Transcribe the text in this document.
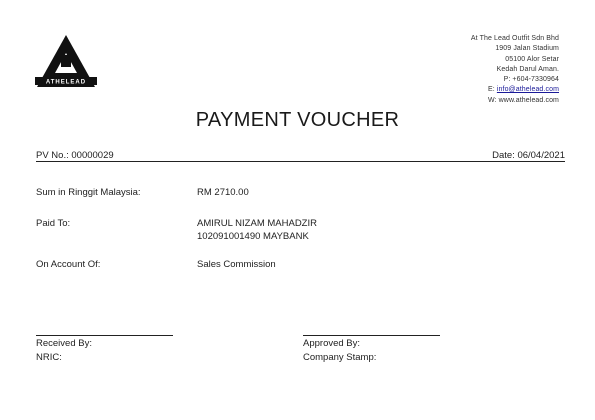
ATHELEAD
At The Lead Outfit Sdn Bhd
1909 Jalan Stadium
05100 Alor Setar
Kedah Darul Aman.
P: +604-7330964
E: info@athelead.com
W: www.athelead.com
PAYMENT VOUCHER
PV No.: 00000029	Date: 06/04/2021
Sum in Ringgit Malaysia:	RM 2710.00
Paid To:	AMIRUL NIZAM MAHADZIR
102091001490 MAYBANK
On Account Of:	Sales Commission
Received By:
NRIC:
Approved By:
Company Stamp:
